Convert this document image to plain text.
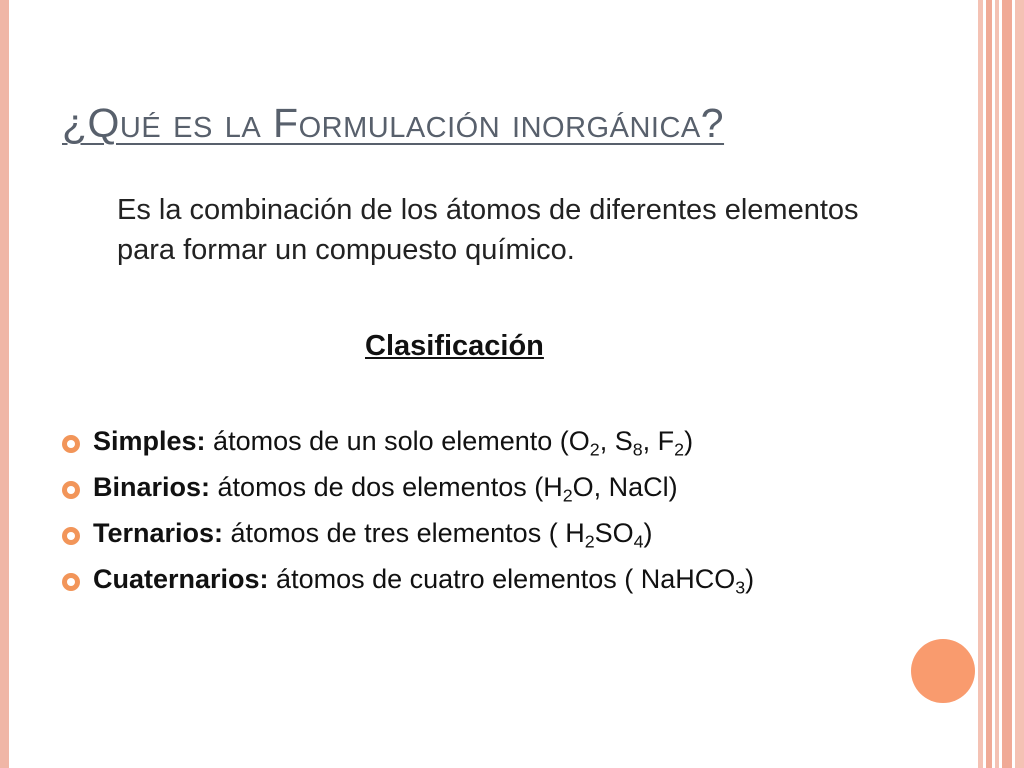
¿Qué es la Formulación inorgánica?

Es la combinación de los átomos de diferentes elementos para formar un compuesto químico.

Clasificación

Simples: átomos de un solo elemento ($O_2$, $S_8$, $F_2$)
Binarios: átomos de dos elementos ($H_2O$, NaCl)
Ternarios: átomos de tres elementos ( $H_2SO_4$)
Cuaternarios: átomos de cuatro elementos ( NaHCO$_3$)
